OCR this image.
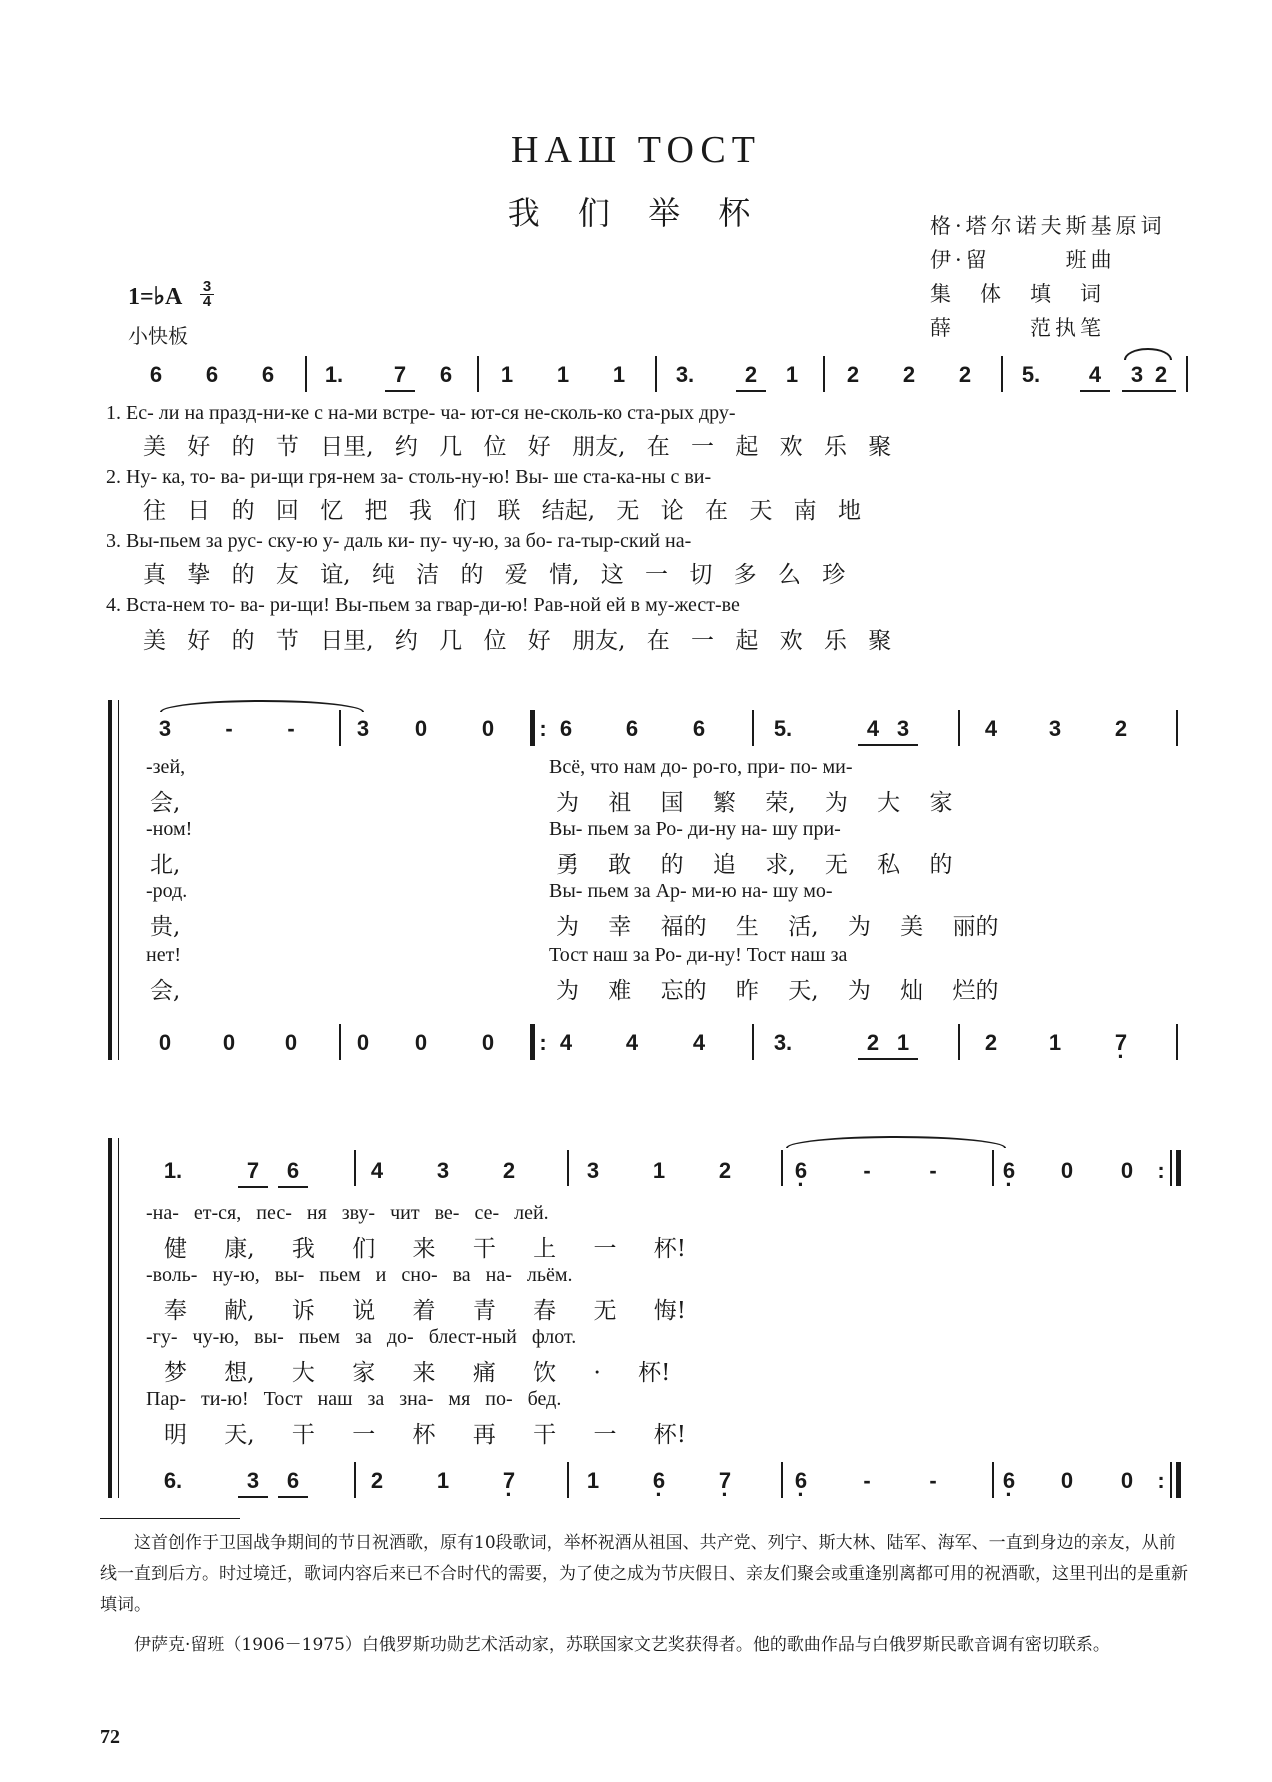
НАШ ТОСТ
我 们 举 杯	格·塔尔诺夫斯基原词
伊·留　　　班曲
集　体　填　词
薛　　　范执笔
1=♭A 3
4
小快板
6	6	6	1.	7	6	1	1	1	3.	2	1	2	2	2	5.	4	3 2
1. Ес- ли на празд-ни-ке с на-ми встре- ча- ют-ся не-сколь-ко ста-рых дру-
美 好 的 节 日里, 约 几 位 好 朋友, 在 一 起 欢 乐 聚
2. Ну- ка, то- ва- ри-щи гря-нем за- столь-ну-ю! Вы- ше ста-ка-ны с ви-
往 日 的 回 忆 把 我 们 联 结起, 无 论 在 天 南 地
3. Вы-пьем за рус- ску-ю у- даль ки- пу- чу-ю, за бо- га-тыр-ский на-
真 挚 的 友 谊, 纯 洁 的 爱 情, 这 一 切 多 么 珍
4. Вста-нем то- ва- ри-щи! Вы-пьем за гвар-ди-ю! Рав-ной ей в му-жест-ве
美 好 的 节 日里, 约 几 位 好 朋友, 在 一 起 欢 乐 聚
3	-	-	3	0	0	: 6	6	6	5.	4 3	4	3	2
-зей,
会,
-ном!
北,
-род.
贵,
нет!
会,
Всё, что нам до- ро-го, при- по- ми-
为 祖 国 繁 荣, 为 大 家
Вы- пьем за Ро- ди-ну на- шу при-
勇 敢 的 追 求, 无 私 的
Вы- пьем за Ар- ми-ю на- шу мо-
为 幸 福的 生 活, 为 美 丽的
Тост наш за Ро- ди-ну! Тост наш за
为 难 忘的 昨 天, 为 灿 烂的
0	0	0	0	0	0	: 4	4	4	3.	2 1	2	1	7 ·
1.	7	6	4	3	2	3	1	2	6 ·	-	-	6 ·	0	0	:
-на- ет-ся, пес- ня зву- чит ве- се- лей.
健 康, 我 们 来 干 上 一 杯!
-воль- ну-ю, вы- пьем и сно- ва на- льём.
奉 献, 诉 说 着 青 春 无 悔!
-гу- чу-ю, вы- пьем за до- блест-ный флот.
梦 想, 大 家 来 痛 饮 · 杯!
Пар- ти-ю! Тост наш за зна- мя по- бед.
明 天, 干 一 杯 再 干 一 杯!
6.	3	6	2	1	7 ·	1	6 ·	7 ·	6 ·	-	-	6 ·	0	0	:
这首创作于卫国战争期间的节日祝酒歌，原有10段歌词，举杯祝酒从祖国、共产党、列宁、斯大林、陆军、海军、一直到身边的亲友，从前线一直到后方。时过境迁，歌词内容后来已不合时代的需要，为了使之成为节庆假日、亲友们聚会或重逢别离都可用的祝酒歌，这里刊出的是重新填词。
伊萨克·留班（1906－1975）白俄罗斯功勋艺术活动家，苏联国家文艺奖获得者。他的歌曲作品与白俄罗斯民歌音调有密切联系。
72
